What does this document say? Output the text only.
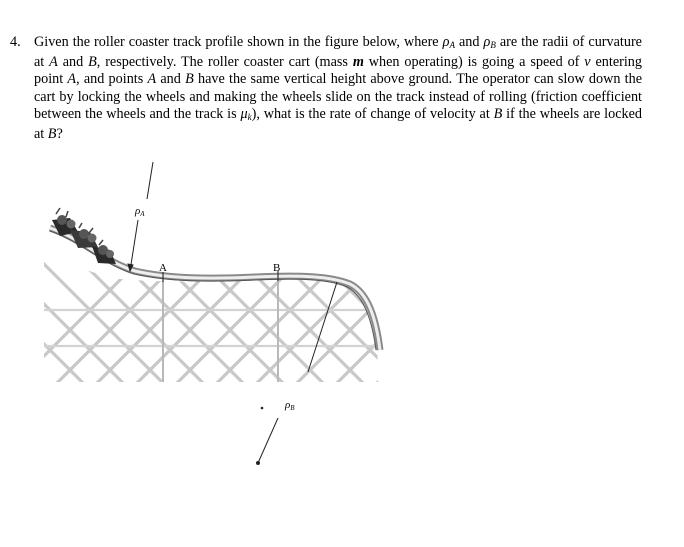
4. Given the roller coaster track profile shown in the figure below, where $\rho_A$ and $\rho_B$ are the radii of curvature at A and B, respectively. The roller coaster cart (mass m when operating) is going a speed of v entering point A, and points A and B have the same vertical height above ground. The operator can slow down the cart by locking the wheels and making the wheels slide on the track instead of rolling (friction coefficient between the wheels and the track is $\mu_k$), what is the rate of change of velocity at B if the wheels are locked at B?
ρA
A	B
ρB
